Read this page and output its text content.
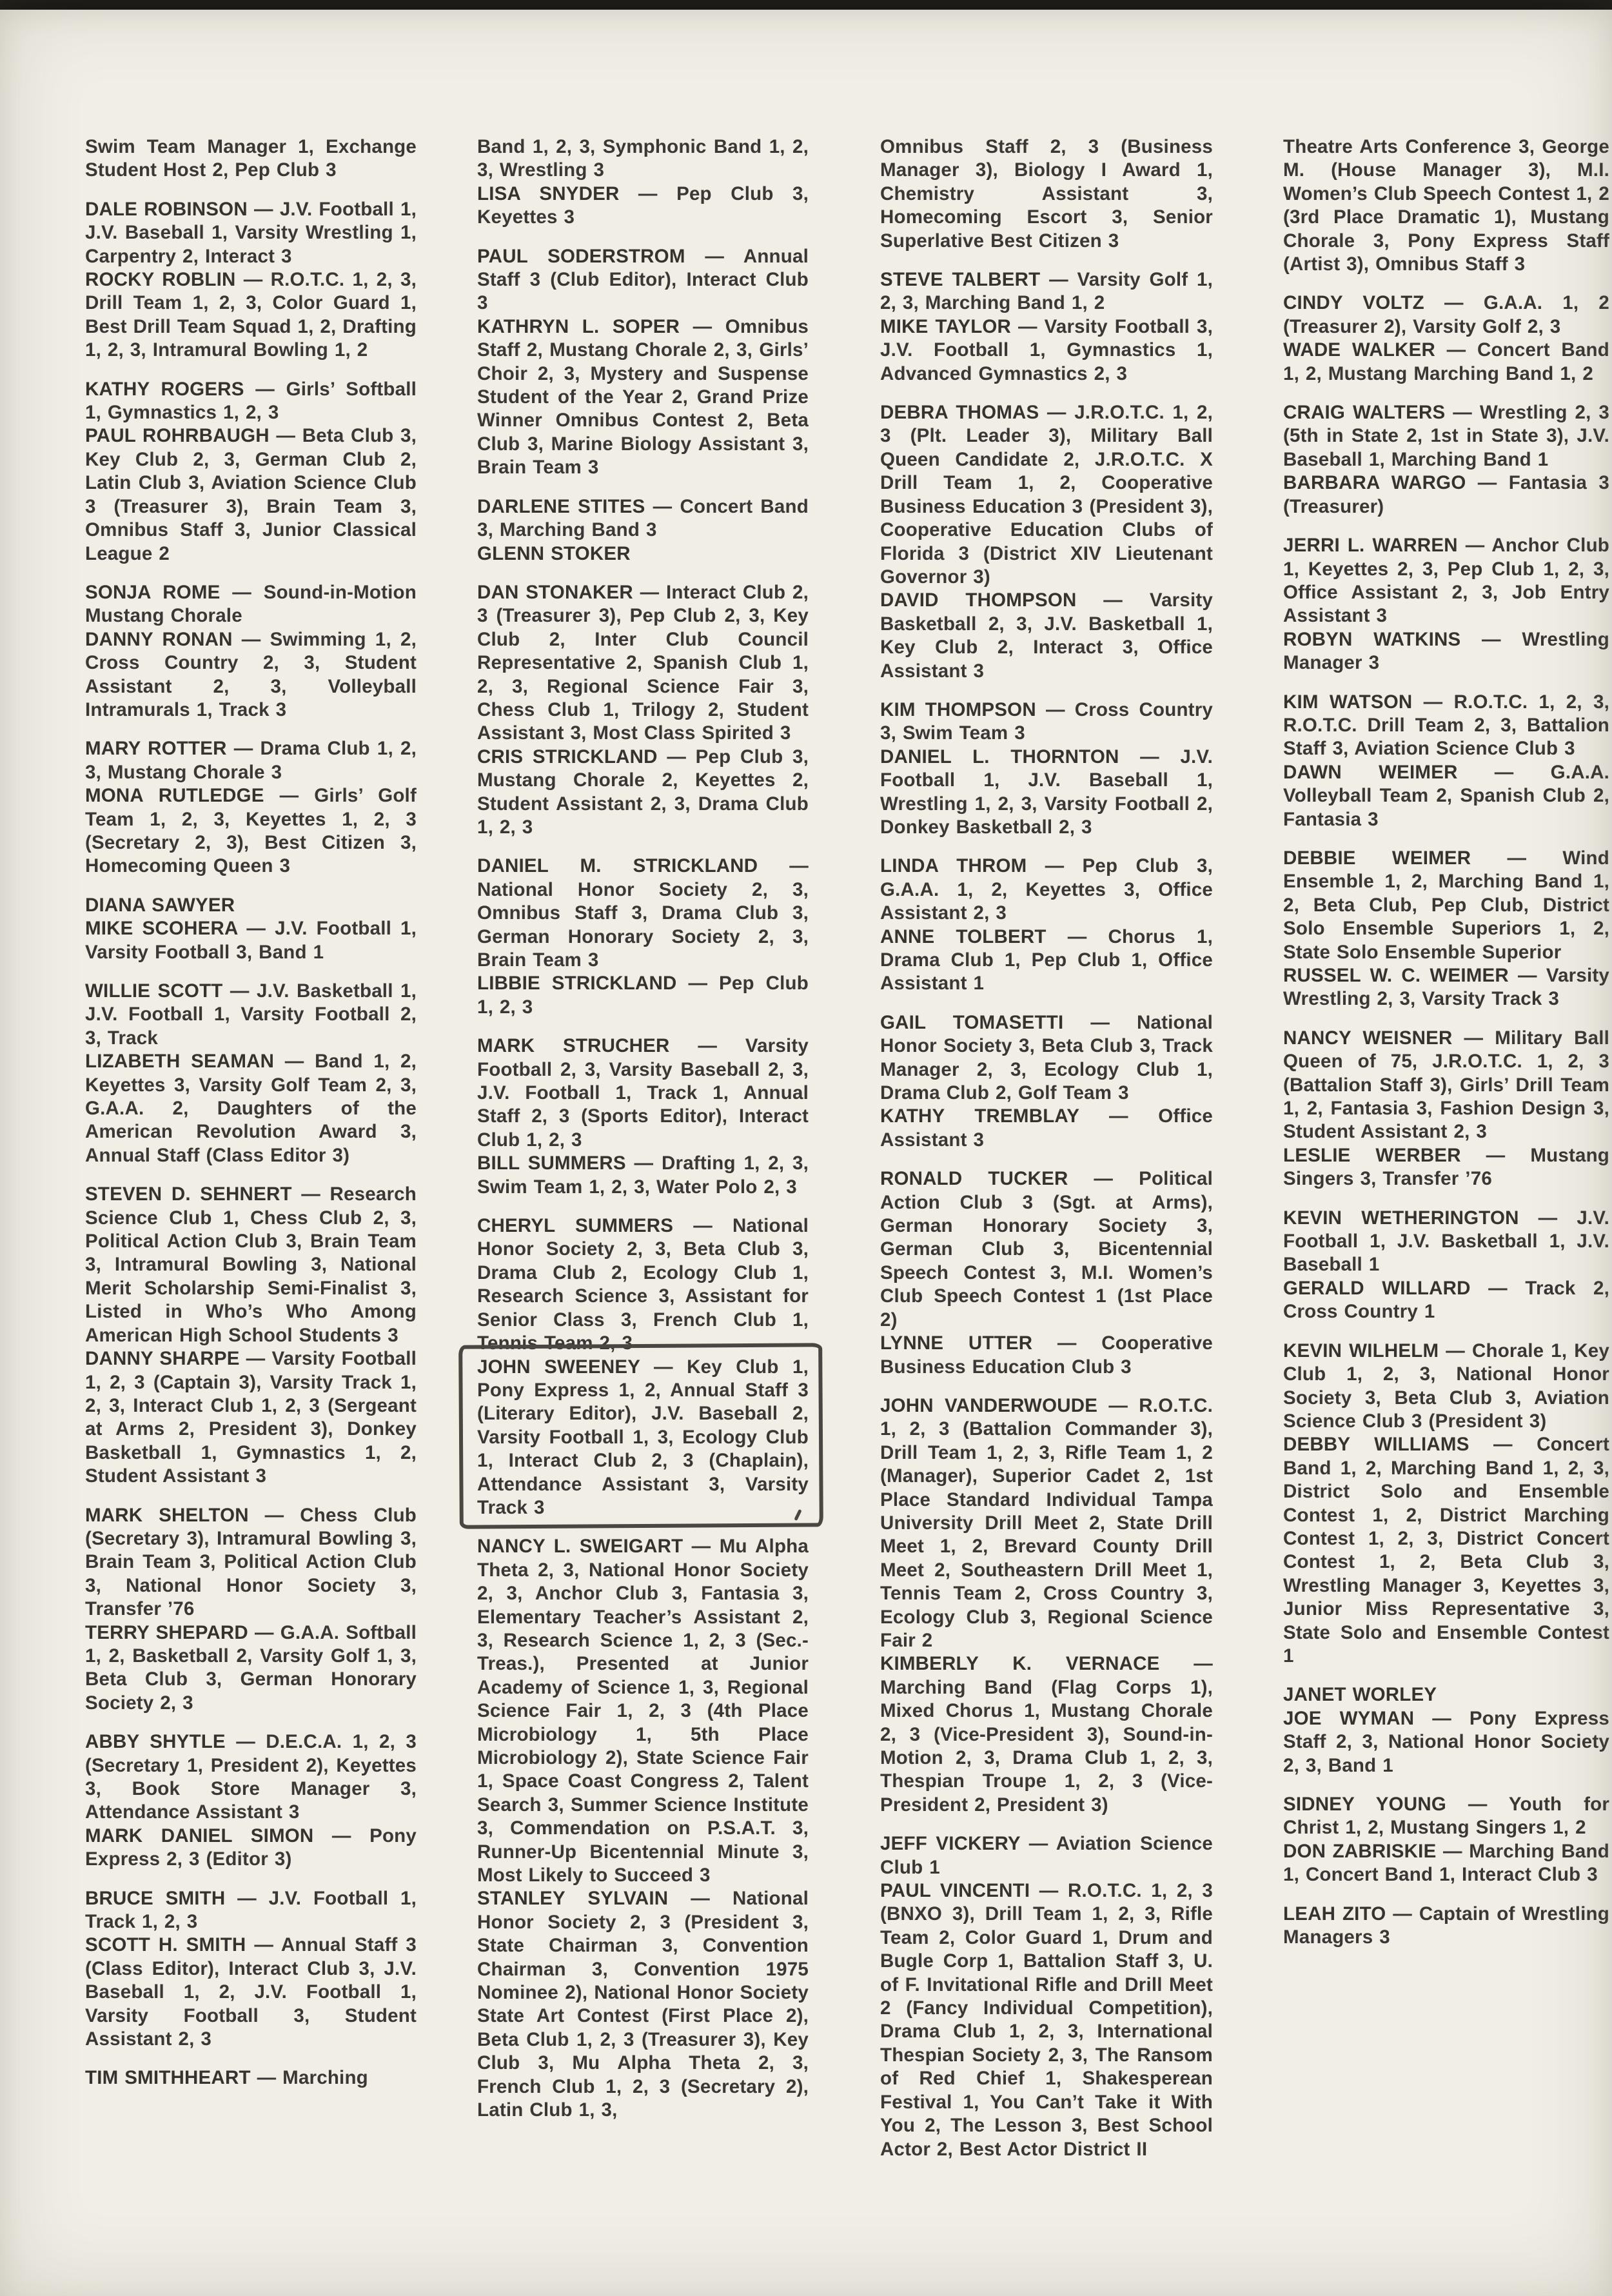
Swim Team Manager 1, Exchange Student Host 2, Pep Club 3

DALE ROBINSON — J.V. Football 1, J.V. Baseball 1, Varsity Wrestling 1, Carpentry 2, Interact 3

ROCKY ROBLIN — R.O.T.C. 1, 2, 3, Drill Team 1, 2, 3, Color Guard 1, Best Drill Team Squad 1, 2, Drafting 1, 2, 3, Intramural Bowling 1, 2

KATHY ROGERS — Girls’ Softball 1, Gymnastics 1, 2, 3

PAUL ROHRBAUGH — Beta Club 3, Key Club 2, 3, German Club 2, Latin Club 3, Aviation Science Club 3 (Treasurer 3), Brain Team 3, Omnibus Staff 3, Junior Classical League 2

SONJA ROME — Sound-in-Motion Mustang Chorale

DANNY RONAN — Swimming 1, 2, Cross Country 2, 3, Student Assistant 2, 3, Volleyball Intramurals 1, Track 3

MARY ROTTER — Drama Club 1, 2, 3, Mustang Chorale 3

MONA RUTLEDGE — Girls’ Golf Team 1, 2, 3, Keyettes 1, 2, 3 (Secretary 2, 3), Best Citizen 3, Homecoming Queen 3

DIANA SAWYER

MIKE SCOHERA — J.V. Football 1, Varsity Football 3, Band 1

WILLIE SCOTT — J.V. Basketball 1, J.V. Football 1, Varsity Football 2, 3, Track

LIZABETH SEAMAN — Band 1, 2, Keyettes 3, Varsity Golf Team 2, 3, G.A.A. 2, Daughters of the American Revolution Award 3, Annual Staff (Class Editor 3)

STEVEN D. SEHNERT — Research Science Club 1, Chess Club 2, 3, Political Action Club 3, Brain Team 3, Intramural Bowling 3, National Merit Scholarship Semi-Finalist 3, Listed in Who’s Who Among American High School Students 3

DANNY SHARPE — Varsity Football 1, 2, 3 (Captain 3), Varsity Track 1, 2, 3, Interact Club 1, 2, 3 (Sergeant at Arms 2, President 3), Donkey Basketball 1, Gymnastics 1, 2, Student Assistant 3

MARK SHELTON — Chess Club (Secretary 3), Intramural Bowling 3, Brain Team 3, Political Action Club 3, National Honor Society 3, Transfer ’76

TERRY SHEPARD — G.A.A. Softball 1, 2, Basketball 2, Varsity Golf 1, 3, Beta Club 3, German Honorary Society 2, 3

ABBY SHYTLE — D.E.C.A. 1, 2, 3 (Secretary 1, President 2), Keyettes 3, Book Store Manager 3, Attendance Assistant 3

MARK DANIEL SIMON — Pony Express 2, 3 (Editor 3)

BRUCE SMITH — J.V. Football 1, Track 1, 2, 3

SCOTT H. SMITH — Annual Staff 3 (Class Editor), Interact Club 3, J.V. Baseball 1, 2, J.V. Football 1, Varsity Football 3, Student Assistant 2, 3

TIM SMITHHEART — Marching

Band 1, 2, 3, Symphonic Band 1, 2, 3, Wrestling 3

LISA SNYDER — Pep Club 3, Keyettes 3

PAUL SODERSTROM — Annual Staff 3 (Club Editor), Interact Club 3

KATHRYN L. SOPER — Omnibus Staff 2, Mustang Chorale 2, 3, Girls’ Choir 2, 3, Mystery and Suspense Student of the Year 2, Grand Prize Winner Omnibus Contest 2, Beta Club 3, Marine Biology Assistant 3, Brain Team 3

DARLENE STITES — Concert Band 3, Marching Band 3

GLENN STOKER

DAN STONAKER — Interact Club 2, 3 (Treasurer 3), Pep Club 2, 3, Key Club 2, Inter Club Council Representative 2, Spanish Club 1, 2, 3, Regional Science Fair 3, Chess Club 1, Trilogy 2, Student Assistant 3, Most Class Spirited 3

CRIS STRICKLAND — Pep Club 3, Mustang Chorale 2, Keyettes 2, Student Assistant 2, 3, Drama Club 1, 2, 3

DANIEL M. STRICKLAND — National Honor Society 2, 3, Omnibus Staff 3, Drama Club 3, German Honorary Society 2, 3, Brain Team 3

LIBBIE STRICKLAND — Pep Club 1, 2, 3

MARK STRUCHER — Varsity Football 2, 3, Varsity Baseball 2, 3, J.V. Football 1, Track 1, Annual Staff 2, 3 (Sports Editor), Interact Club 1, 2, 3

BILL SUMMERS — Drafting 1, 2, 3, Swim Team 1, 2, 3, Water Polo 2, 3

CHERYL SUMMERS — National Honor Society 2, 3, Beta Club 3, Drama Club 2, Ecology Club 1, Research Science 3, Assistant for Senior Class 3, French Club 1, Tennis Team 2, 3

JOHN SWEENEY — Key Club 1, Pony Express 1, 2, Annual Staff 3 (Literary Editor), J.V. Baseball 2, Varsity Football 1, 3, Ecology Club 1, Interact Club 2, 3 (Chaplain), Attendance Assistant 3, Varsity Track 3

NANCY L. SWEIGART — Mu Alpha Theta 2, 3, National Honor Society 2, 3, Anchor Club 3, Fantasia 3, Elementary Teacher’s Assistant 2, 3, Research Science 1, 2, 3 (Sec.-Treas.), Presented at Junior Academy of Science 1, 3, Regional Science Fair 1, 2, 3 (4th Place Microbiology 1, 5th Place Microbiology 2), State Science Fair 1, Space Coast Congress 2, Talent Search 3, Summer Science Institute 3, Commendation on P.S.A.T. 3, Runner-Up Bicentennial Minute 3, Most Likely to Succeed 3

STANLEY SYLVAIN — National Honor Society 2, 3 (President 3, State Chairman 3, Convention Chairman 3, Convention 1975 Nominee 2), National Honor Society State Art Contest (First Place 2), Beta Club 1, 2, 3 (Treasurer 3), Key Club 3, Mu Alpha Theta 2, 3, French Club 1, 2, 3 (Secretary 2), Latin Club 1, 3,

Omnibus Staff 2, 3 (Business Manager 3), Biology I Award 1, Chemistry Assistant 3, Homecoming Escort 3, Senior Superlative Best Citizen 3

STEVE TALBERT — Varsity Golf 1, 2, 3, Marching Band 1, 2

MIKE TAYLOR — Varsity Football 3, J.V. Football 1, Gymnastics 1, Advanced Gymnastics 2, 3

DEBRA THOMAS — J.R.O.T.C. 1, 2, 3 (Plt. Leader 3), Military Ball Queen Candidate 2, J.R.O.T.C. X Drill Team 1, 2, Cooperative Business Education 3 (President 3), Cooperative Education Clubs of Florida 3 (District XIV Lieutenant Governor 3)

DAVID THOMPSON — Varsity Basketball 2, 3, J.V. Basketball 1, Key Club 2, Interact 3, Office Assistant 3

KIM THOMPSON — Cross Country 3, Swim Team 3

DANIEL L. THORNTON — J.V. Football 1, J.V. Baseball 1, Wrestling 1, 2, 3, Varsity Football 2, Donkey Basketball 2, 3

LINDA THROM — Pep Club 3, G.A.A. 1, 2, Keyettes 3, Office Assistant 2, 3

ANNE TOLBERT — Chorus 1, Drama Club 1, Pep Club 1, Office Assistant 1

GAIL TOMASETTI — National Honor Society 3, Beta Club 3, Track Manager 2, 3, Ecology Club 1, Drama Club 2, Golf Team 3

KATHY TREMBLAY — Office Assistant 3

RONALD TUCKER — Political Action Club 3 (Sgt. at Arms), German Honorary Society 3, German Club 3, Bicentennial Speech Contest 3, M.I. Women’s Club Speech Contest 1 (1st Place 2)

LYNNE UTTER — Cooperative Business Education Club 3

JOHN VANDERWOUDE — R.O.T.C. 1, 2, 3 (Battalion Commander 3), Drill Team 1, 2, 3, Rifle Team 1, 2 (Manager), Superior Cadet 2, 1st Place Standard Individual Tampa University Drill Meet 2, State Drill Meet 1, 2, Brevard County Drill Meet 2, Southeastern Drill Meet 1, Tennis Team 2, Cross Country 3, Ecology Club 3, Regional Science Fair 2

KIMBERLY K. VERNACE — Marching Band (Flag Corps 1), Mixed Chorus 1, Mustang Chorale 2, 3 (Vice-President 3), Sound-in-Motion 2, 3, Drama Club 1, 2, 3, Thespian Troupe 1, 2, 3 (Vice-President 2, President 3)

JEFF VICKERY — Aviation Science Club 1

PAUL VINCENTI — R.O.T.C. 1, 2, 3 (BNXO 3), Drill Team 1, 2, 3, Rifle Team 2, Color Guard 1, Drum and Bugle Corp 1, Battalion Staff 3, U. of F. Invitational Rifle and Drill Meet 2 (Fancy Individual Competition), Drama Club 1, 2, 3, International Thespian Society 2, 3, The Ransom of Red Chief 1, Shakesperean Festival 1, You Can’t Take it With You 2, The Lesson 3, Best School Actor 2, Best Actor District II

Theatre Arts Conference 3, George M. (House Manager 3), M.I. Women’s Club Speech Contest 1, 2 (3rd Place Dramatic 1), Mustang Chorale 3, Pony Express Staff (Artist 3), Omnibus Staff 3

CINDY VOLTZ — G.A.A. 1, 2 (Treasurer 2), Varsity Golf 2, 3

WADE WALKER — Concert Band 1, 2, Mustang Marching Band 1, 2

CRAIG WALTERS — Wrestling 2, 3 (5th in State 2, 1st in State 3), J.V. Baseball 1, Marching Band 1

BARBARA WARGO — Fantasia 3 (Treasurer)

JERRI L. WARREN — Anchor Club 1, Keyettes 2, 3, Pep Club 1, 2, 3, Office Assistant 2, 3, Job Entry Assistant 3

ROBYN WATKINS — Wrestling Manager 3

KIM WATSON — R.O.T.C. 1, 2, 3, R.O.T.C. Drill Team 2, 3, Battalion Staff 3, Aviation Science Club 3

DAWN WEIMER — G.A.A. Volleyball Team 2, Spanish Club 2, Fantasia 3

DEBBIE WEIMER — Wind Ensemble 1, 2, Marching Band 1, 2, Beta Club, Pep Club, District Solo Ensemble Superiors 1, 2, State Solo Ensemble Superior

RUSSEL W. C. WEIMER — Varsity Wrestling 2, 3, Varsity Track 3

NANCY WEISNER — Military Ball Queen of 75, J.R.O.T.C. 1, 2, 3 (Battalion Staff 3), Girls’ Drill Team 1, 2, Fantasia 3, Fashion Design 3, Student Assistant 2, 3

LESLIE WERBER — Mustang Singers 3, Transfer ’76

KEVIN WETHERINGTON — J.V. Football 1, J.V. Basketball 1, J.V. Baseball 1

GERALD WILLARD — Track 2, Cross Country 1

KEVIN WILHELM — Chorale 1, Key Club 1, 2, 3, National Honor Society 3, Beta Club 3, Aviation Science Club 3 (President 3)

DEBBY WILLIAMS — Concert Band 1, 2, Marching Band 1, 2, 3, District Solo and Ensemble Contest 1, 2, District Marching Contest 1, 2, 3, District Concert Contest 1, 2, Beta Club 3, Wrestling Manager 3, Keyettes 3, Junior Miss Representative 3, State Solo and Ensemble Contest 1

JANET WORLEY

JOE WYMAN — Pony Express Staff 2, 3, National Honor Society 2, 3, Band 1

SIDNEY YOUNG — Youth for Christ 1, 2, Mustang Singers 1, 2

DON ZABRISKIE — Marching Band 1, Concert Band 1, Interact Club 3

LEAH ZITO — Captain of Wrestling Managers 3
